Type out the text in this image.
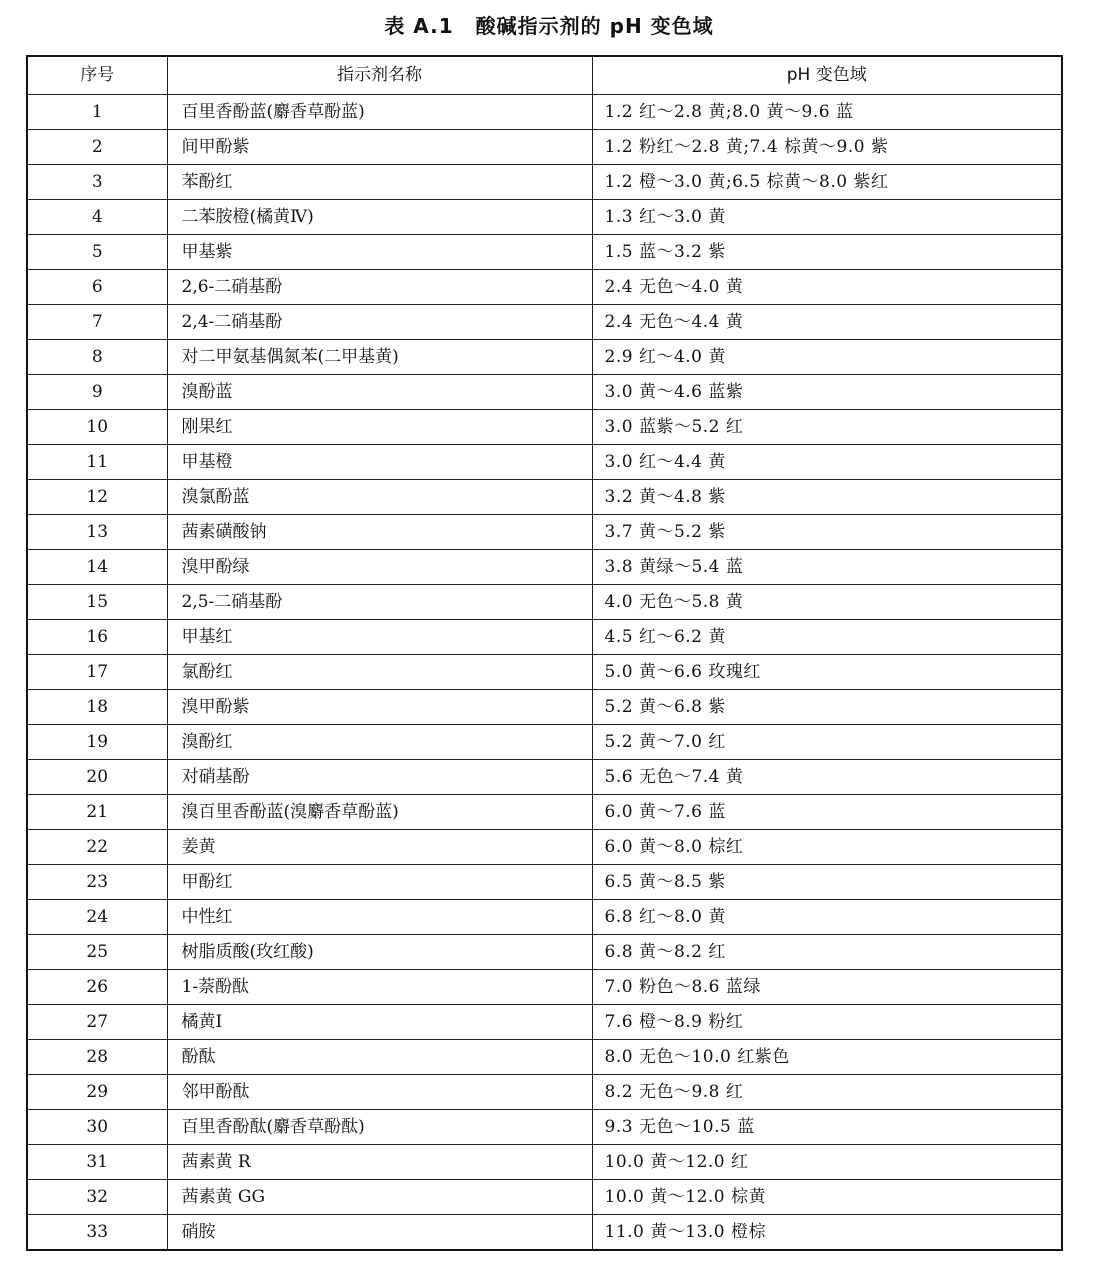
表 A.1 酸碱指示剂的 pH 变色域
序号	指示剂名称	pH 变色域
1	百里香酚蓝(麝香草酚蓝)	1.2 红～2.8 黄;8.0 黄～9.6 蓝
2	间甲酚紫	1.2 粉红～2.8 黄;7.4 棕黄～9.0 紫
3	苯酚红	1.2 橙～3.0 黄;6.5 棕黄～8.0 紫红
4	二苯胺橙(橘黄Ⅳ)	1.3 红～3.0 黄
5	甲基紫	1.5 蓝～3.2 紫
6	2,6-二硝基酚	2.4 无色～4.0 黄
7	2,4-二硝基酚	2.4 无色～4.4 黄
8	对二甲氨基偶氮苯(二甲基黄)	2.9 红～4.0 黄
9	溴酚蓝	3.0 黄～4.6 蓝紫
10	刚果红	3.0 蓝紫～5.2 红
11	甲基橙	3.0 红～4.4 黄
12	溴氯酚蓝	3.2 黄～4.8 紫
13	茜素磺酸钠	3.7 黄～5.2 紫
14	溴甲酚绿	3.8 黄绿～5.4 蓝
15	2,5-二硝基酚	4.0 无色～5.8 黄
16	甲基红	4.5 红～6.2 黄
17	氯酚红	5.0 黄～6.6 玫瑰红
18	溴甲酚紫	5.2 黄～6.8 紫
19	溴酚红	5.2 黄～7.0 红
20	对硝基酚	5.6 无色～7.4 黄
21	溴百里香酚蓝(溴麝香草酚蓝)	6.0 黄～7.6 蓝
22	姜黄	6.0 黄～8.0 棕红
23	甲酚红	6.5 黄～8.5 紫
24	中性红	6.8 红～8.0 黄
25	树脂质酸(玫红酸)	6.8 黄～8.2 红
26	1-萘酚酞	7.0 粉色～8.6 蓝绿
27	橘黄Ⅰ	7.6 橙～8.9 粉红
28	酚酞	8.0 无色～10.0 红紫色
29	邻甲酚酞	8.2 无色～9.8 红
30	百里香酚酞(麝香草酚酞)	9.3 无色～10.5 蓝
31	茜素黄 R	10.0 黄～12.0 红
32	茜素黄 GG	10.0 黄～12.0 棕黄
33	硝胺	11.0 黄～13.0 橙棕
